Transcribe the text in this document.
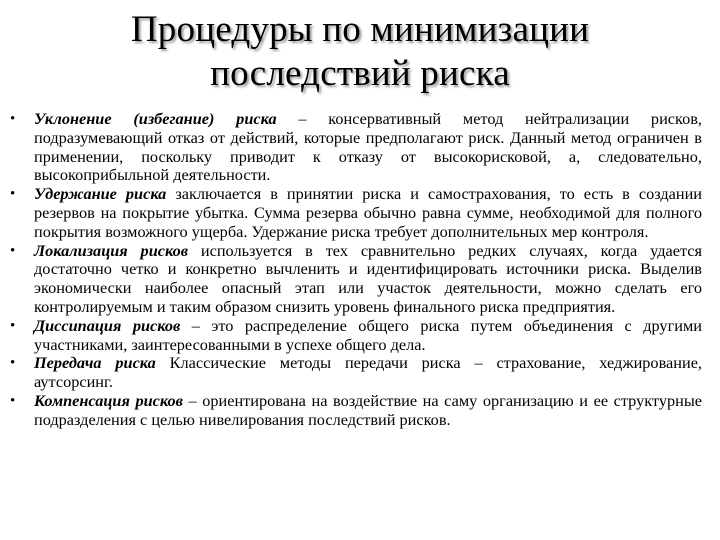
Процедуры по минимизации
последствий риска
• Уклонение (избегание) риска – консервативный метод нейтрализации рисков, подразумевающий отказ от действий, которые предполагают риск. Данный метод ограничен в применении, поскольку приводит к отказу от высокорисковой, а, следовательно, высокоприбыльной деятельности.
• Удержание риска заключается в принятии риска и самострахования, то есть в создании резервов на покрытие убытка. Сумма резерва обычно равна сумме, необходимой для полного покрытия возможного ущерба. Удержание риска требует дополнительных мер контроля.
• Локализация рисков используется в тех сравнительно редких случаях, когда удается достаточно четко и конкретно вычленить и идентифицировать источники риска. Выделив экономически наиболее опасный этап или участок деятельности, можно сделать его контролируемым и таким образом снизить уровень финального риска предприятия.
• Диссипация рисков – это распределение общего риска путем объединения с другими участниками, заинтересованными в успехе общего дела.
• Передача риска Классические методы передачи риска – страхование, хеджирование, аутсорсинг.
• Компенсация рисков – ориентирована на воздействие на саму организацию и ее структурные подразделения с целью нивелирования последствий рисков.
